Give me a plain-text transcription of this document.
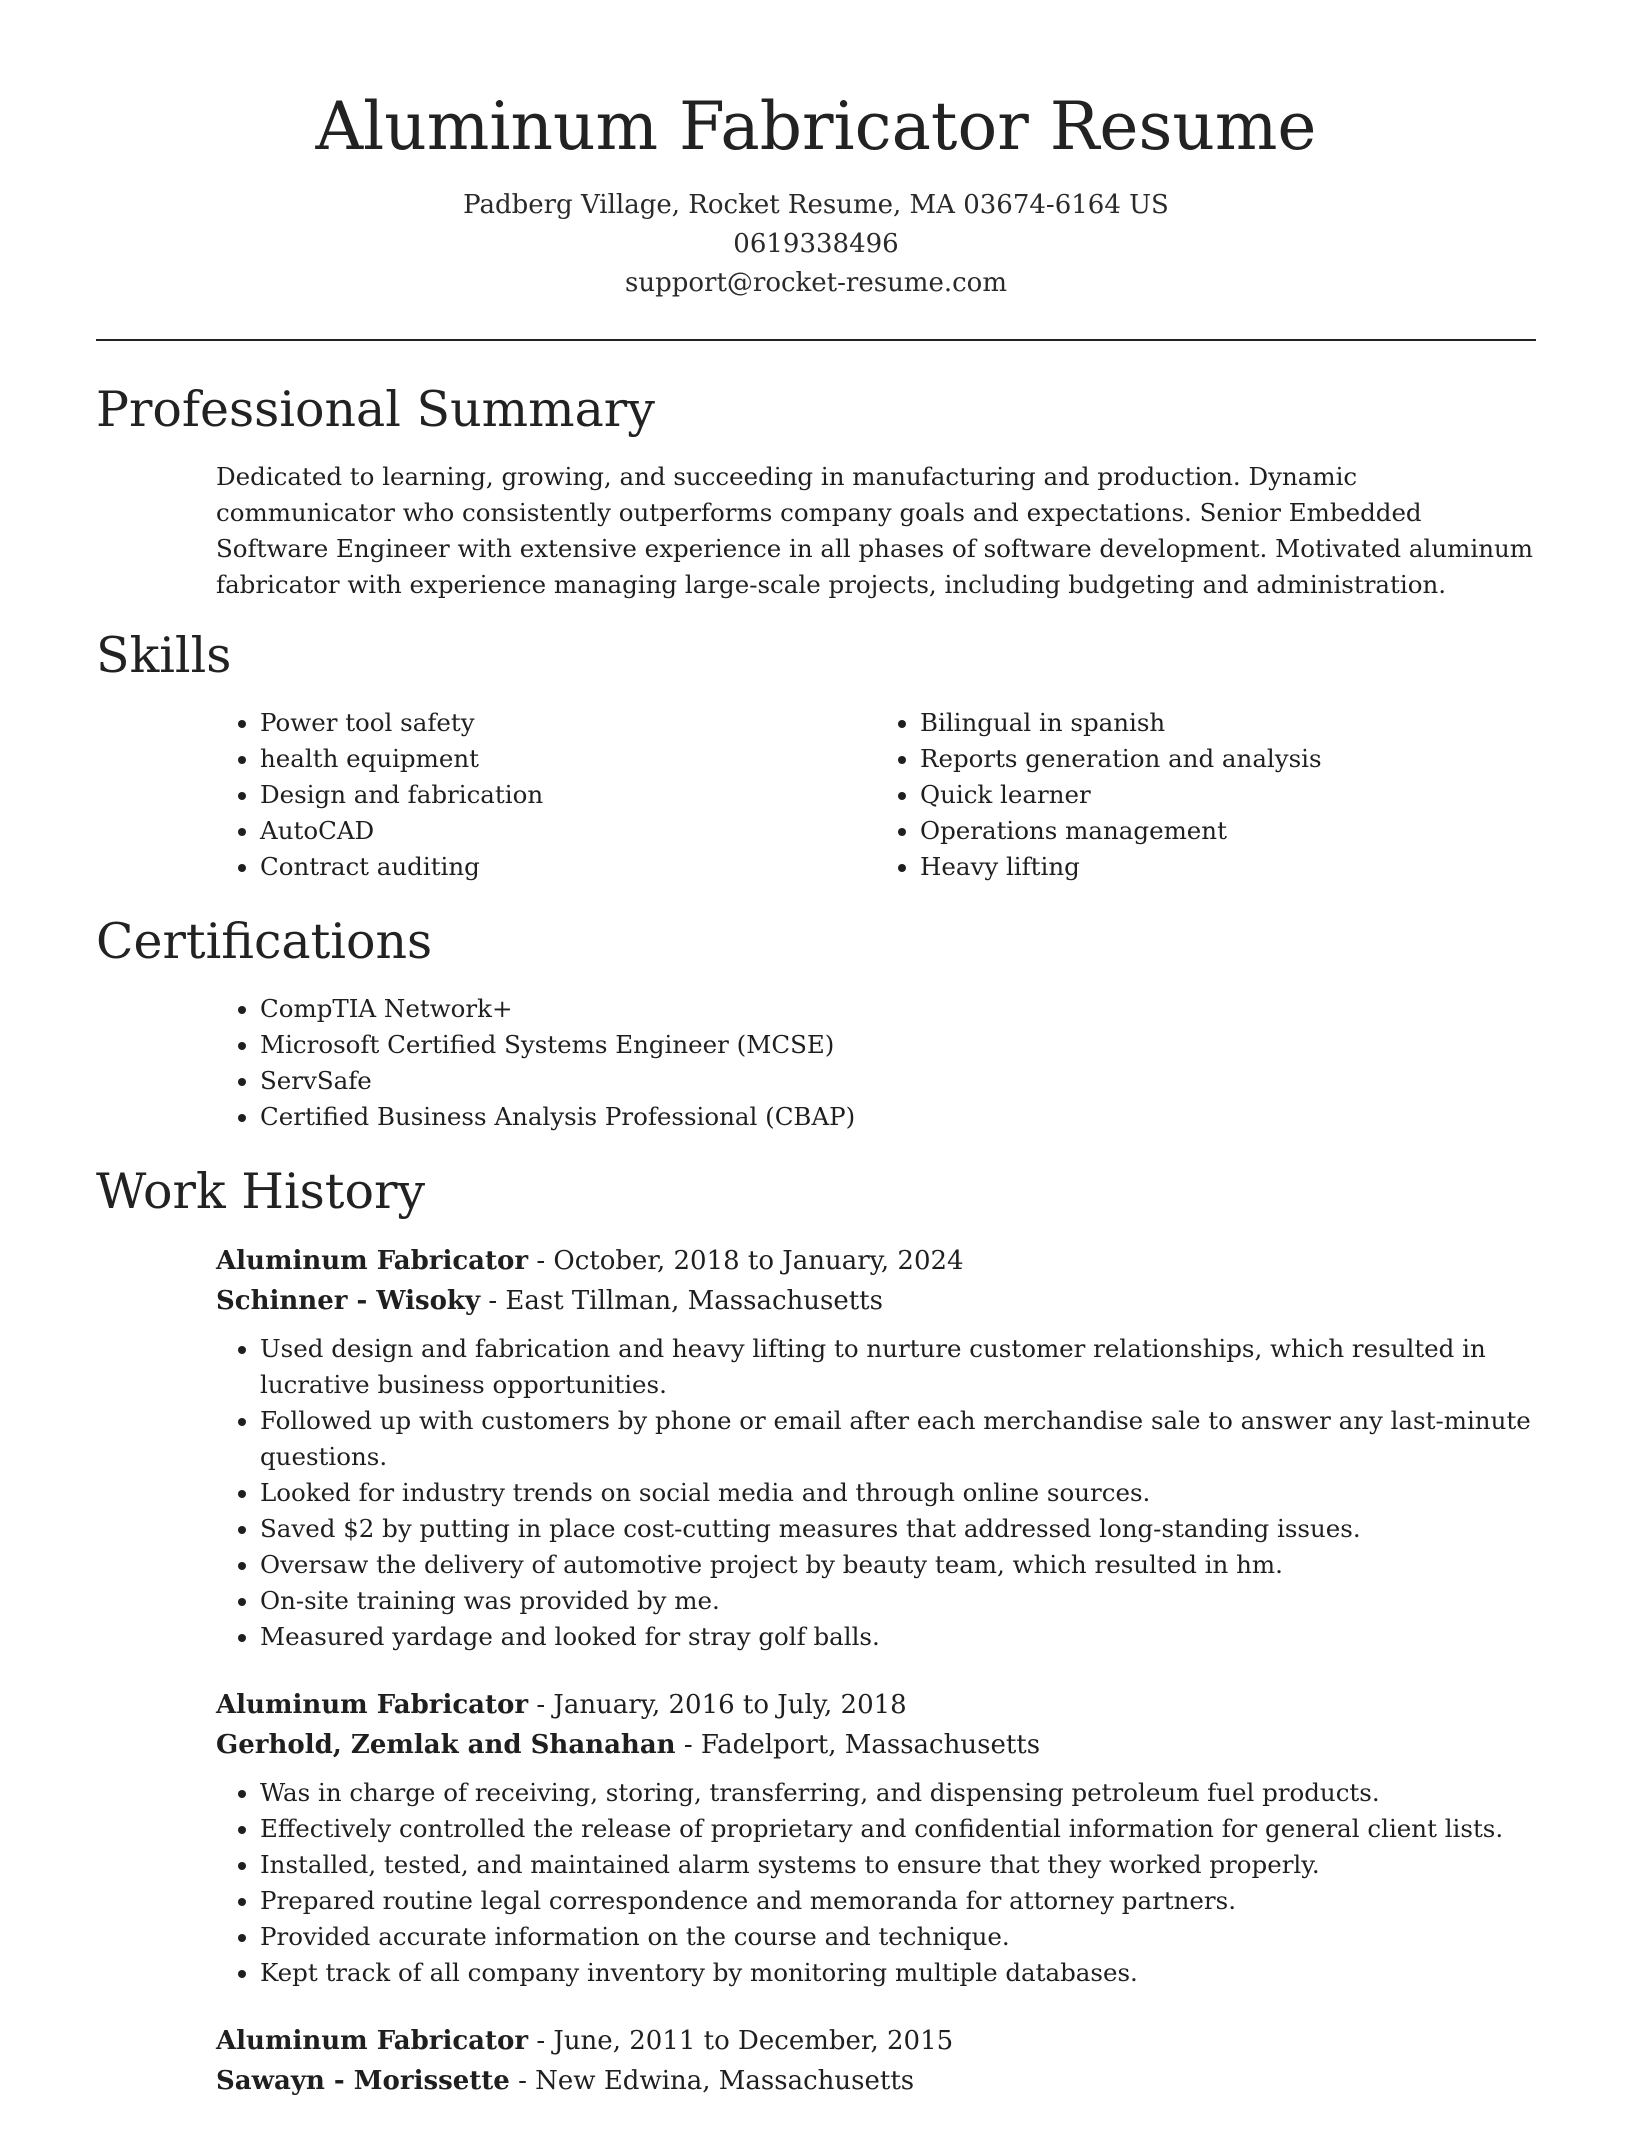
Aluminum Fabricator Resume
Padberg Village, Rocket Resume, MA 03674-6164 US
0619338496
support@rocket-resume.com
Professional Summary

Dedicated to learning, growing, and succeeding in manufacturing and production. Dynamic communicator who consistently outperforms company goals and expectations. Senior Embedded Software Engineer with extensive experience in all phases of software development. Motivated aluminum fabricator with experience managing large-scale projects, including budgeting and administration.

Skills
• Power tool safety
• health equipment
• Design and fabrication
• AutoCAD
• Contract auditing
• Bilingual in spanish
• Reports generation and analysis
• Quick learner
• Operations management
• Heavy lifting
Certifications
• CompTIA Network+
• Microsoft Certified Systems Engineer (MCSE)
• ServSafe
• Certified Business Analysis Professional (CBAP)
Work History
Aluminum Fabricator - October, 2018 to January, 2024
Schinner - Wisoky - East Tillman, Massachusetts
• Used design and fabrication and heavy lifting to nurture customer relationships, which resulted in lucrative business opportunities.
• Followed up with customers by phone or email after each merchandise sale to answer any last-minute questions.
• Looked for industry trends on social media and through online sources.
• Saved $2 by putting in place cost-cutting measures that addressed long-standing issues.
• Oversaw the delivery of automotive project by beauty team, which resulted in hm.
• On-site training was provided by me.
• Measured yardage and looked for stray golf balls.
Aluminum Fabricator - January, 2016 to July, 2018
Gerhold, Zemlak and Shanahan - Fadelport, Massachusetts
• Was in charge of receiving, storing, transferring, and dispensing petroleum fuel products.
• Effectively controlled the release of proprietary and confidential information for general client lists.
• Installed, tested, and maintained alarm systems to ensure that they worked properly.
• Prepared routine legal correspondence and memoranda for attorney partners.
• Provided accurate information on the course and technique.
• Kept track of all company inventory by monitoring multiple databases.
Aluminum Fabricator - June, 2011 to December, 2015
Sawayn - Morissette - New Edwina, Massachusetts
